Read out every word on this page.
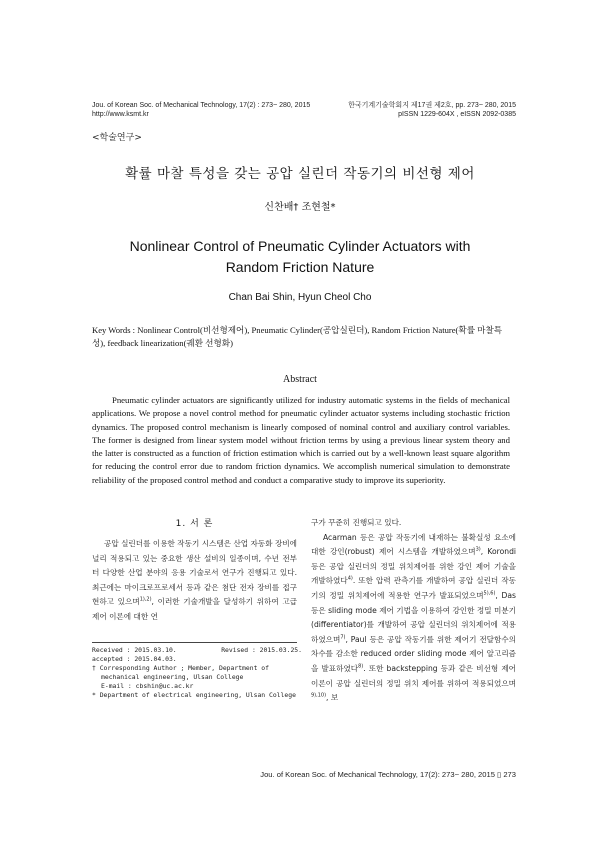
Jou. of Korean Soc. of Mechanical Technology, 17(2) : 273~ 280, 2015
http://www.ksmt.kr
한국기계기술학회지 제17권 제2호, pp. 273~ 280, 2015
pISSN 1229-604X , eISSN 2092-0385
<학술연구>
확률 마찰 특성을 갖는 공압 실린더 작동기의 비선형 제어
신찬배† 조현철*
Nonlinear Control of Pneumatic Cylinder Actuators with
Random Friction Nature
Chan Bai Shin, Hyun Cheol Cho
Key Words : Nonlinear Control(비선형제어), Pneumatic Cylinder(공압실린더), Random Friction Nature(확률 마찰특성), feedback linearization(궤환 선형화)
Abstract
Pneumatic cylinder actuators are significantly utilized for industry automatic systems in the fields of mechanical applications. We propose a novel control method for pneumatic cylinder actuator systems including stochastic friction dynamics. The proposed control mechanism is linearly composed of nominal control and auxiliary control variables. The former is designed from linear system model without friction terms by using a previous linear system theory and the latter is constructed as a function of friction estimation which is carried out by a well-known least square algorithm for reducing the control error due to random friction dynamics. We accomplish numerical simulation to demonstrate reliability of the proposed control method and conduct a comparative study to improve its superiority.
1. 서 론

공압 실린더를 이용한 작동기 시스템은 산업 자동화 장비에 널리 적용되고 있는 중요한 생산 설비의 일종이며, 수년 전부터 다양한 산업 분야의 응용 기술로서 연구가 진행되고 있다. 최근에는 마이크로프로세서 등과 같은 첨단 전자 장비를 접구현하고 있으며$^{1),2)}$, 이러한 기술개발을 달성하기 위하여 고급 제어 이론에 대한 연

Received : 2015.03.10.	Revised : 2015.03.25.
accepted : 2015.04.03.
† Corresponding Author ; Member, Department of
mechanical engineering, Ulsan College
E-mail : cbshin@uc.ac.kr
* Department of electrical engineering, Ulsan College

구가 꾸준히 진행되고 있다.

Acarman 등은 공압 작동기에 내재하는 불확실성 요소에 대한 강인(robust) 제어 시스템을 개발하였으며$^{3)}$, Korondi 등은 공압 실린더의 정밀 위치제어를 위한 강인 제어 기술을 개발하였다$^{4)}$. 또한 압력 관측기를 개발하여 공압 실린더 작동기의 정밀 위치제어에 적용한 연구가 발표되었으며$^{5),6)}$, Das 등은 sliding mode 제어 기법을 이용하여 강인한 정밀 미분기(differentiator)를 개발하여 공압 실린더의 위치제어에 적용하였으며$^{7)}$, Paul 등은 공압 작동기를 위한 제어기 전달함수의 차수를 감소한 reduced order sliding mode 제어 알고리즘을 발표하였다$^{8)}$. 또한 backstepping 등과 같은 비선형 제어이론이 공압 실린더의 정밀 위치 제어를 위하여 적용되었으며$^{9),10)}$, 보

Jou. of Korean Soc. of Mechanical Technology, 17(2): 273~ 280, 2015 ▯ 273
